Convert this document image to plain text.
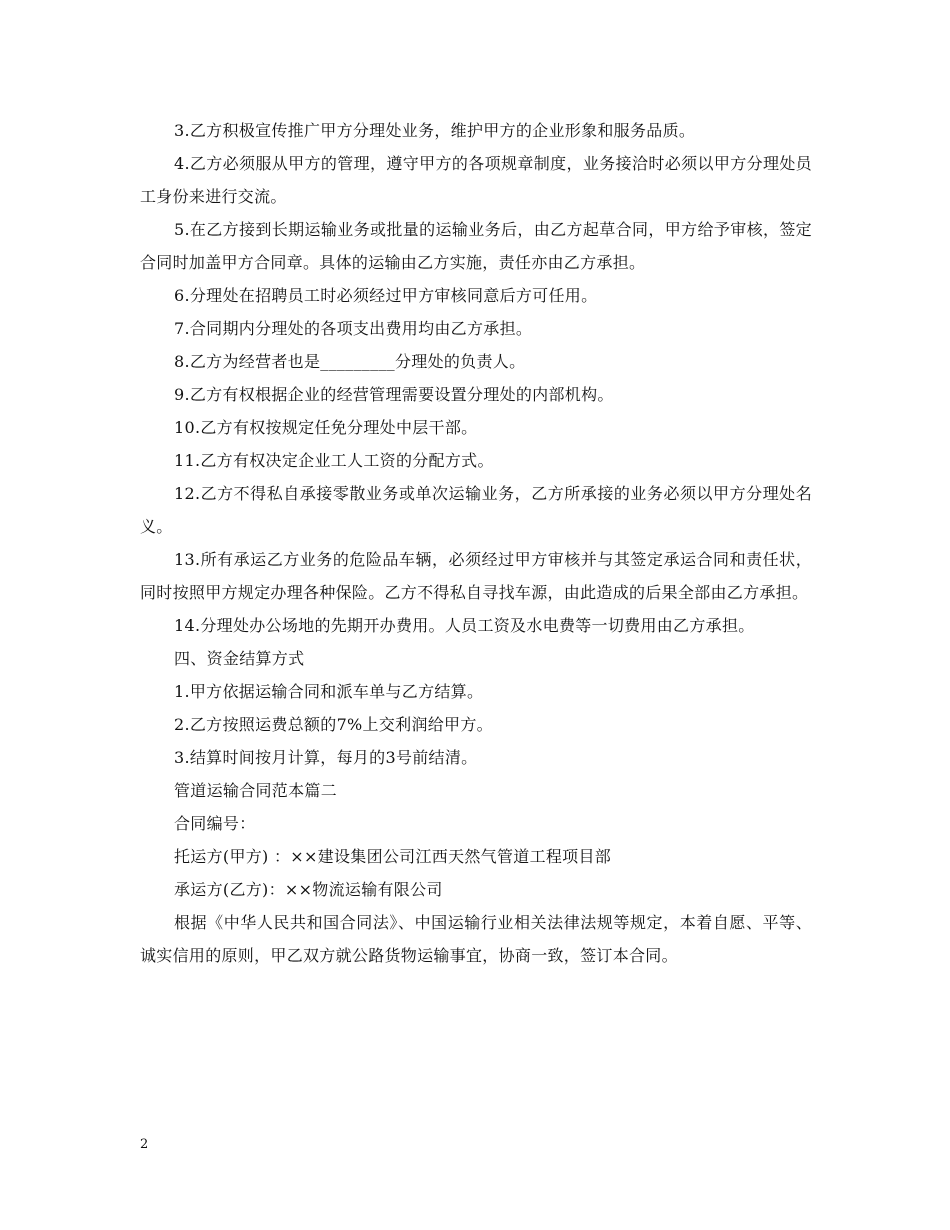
3.乙方积极宣传推广甲方分理处业务，维护甲方的企业形象和服务品质。

4.乙方必须服从甲方的管理，遵守甲方的各项规章制度，业务接洽时必须以甲方分理处员工身份来进行交流。

5.在乙方接到长期运输业务或批量的运输业务后，由乙方起草合同，甲方给予审核，签定合同时加盖甲方合同章。具体的运输由乙方实施，责任亦由乙方承担。

6.分理处在招聘员工时必须经过甲方审核同意后方可任用。

7.合同期内分理处的各项支出费用均由乙方承担。

8.乙方为经营者也是_________分理处的负责人。

9.乙方有权根据企业的经营管理需要设置分理处的内部机构。

10.乙方有权按规定任免分理处中层干部。

11.乙方有权决定企业工人工资的分配方式。

12.乙方不得私自承接零散业务或单次运输业务，乙方所承接的业务必须以甲方分理处名义。

13.所有承运乙方业务的危险品车辆，必须经过甲方审核并与其签定承运合同和责任状，同时按照甲方规定办理各种保险。乙方不得私自寻找车源，由此造成的后果全部由乙方承担。

14.分理处办公场地的先期开办费用。人员工资及水电费等一切费用由乙方承担。

四、资金结算方式

1.甲方依据运输合同和派车单与乙方结算。

2.乙方按照运费总额的7%上交利润给甲方。

3.结算时间按月计算，每月的3号前结清。

管道运输合同范本篇二

合同编号：

托运方(甲方) ：××建设集团公司江西天然气管道工程项目部

承运方(乙方)：××物流运输有限公司

根据《中华人民共和国合同法》、中国运输行业相关法律法规等规定，本着自愿、平等、诚实信用的原则，甲乙双方就公路货物运输事宜，协商一致，签订本合同。

2
